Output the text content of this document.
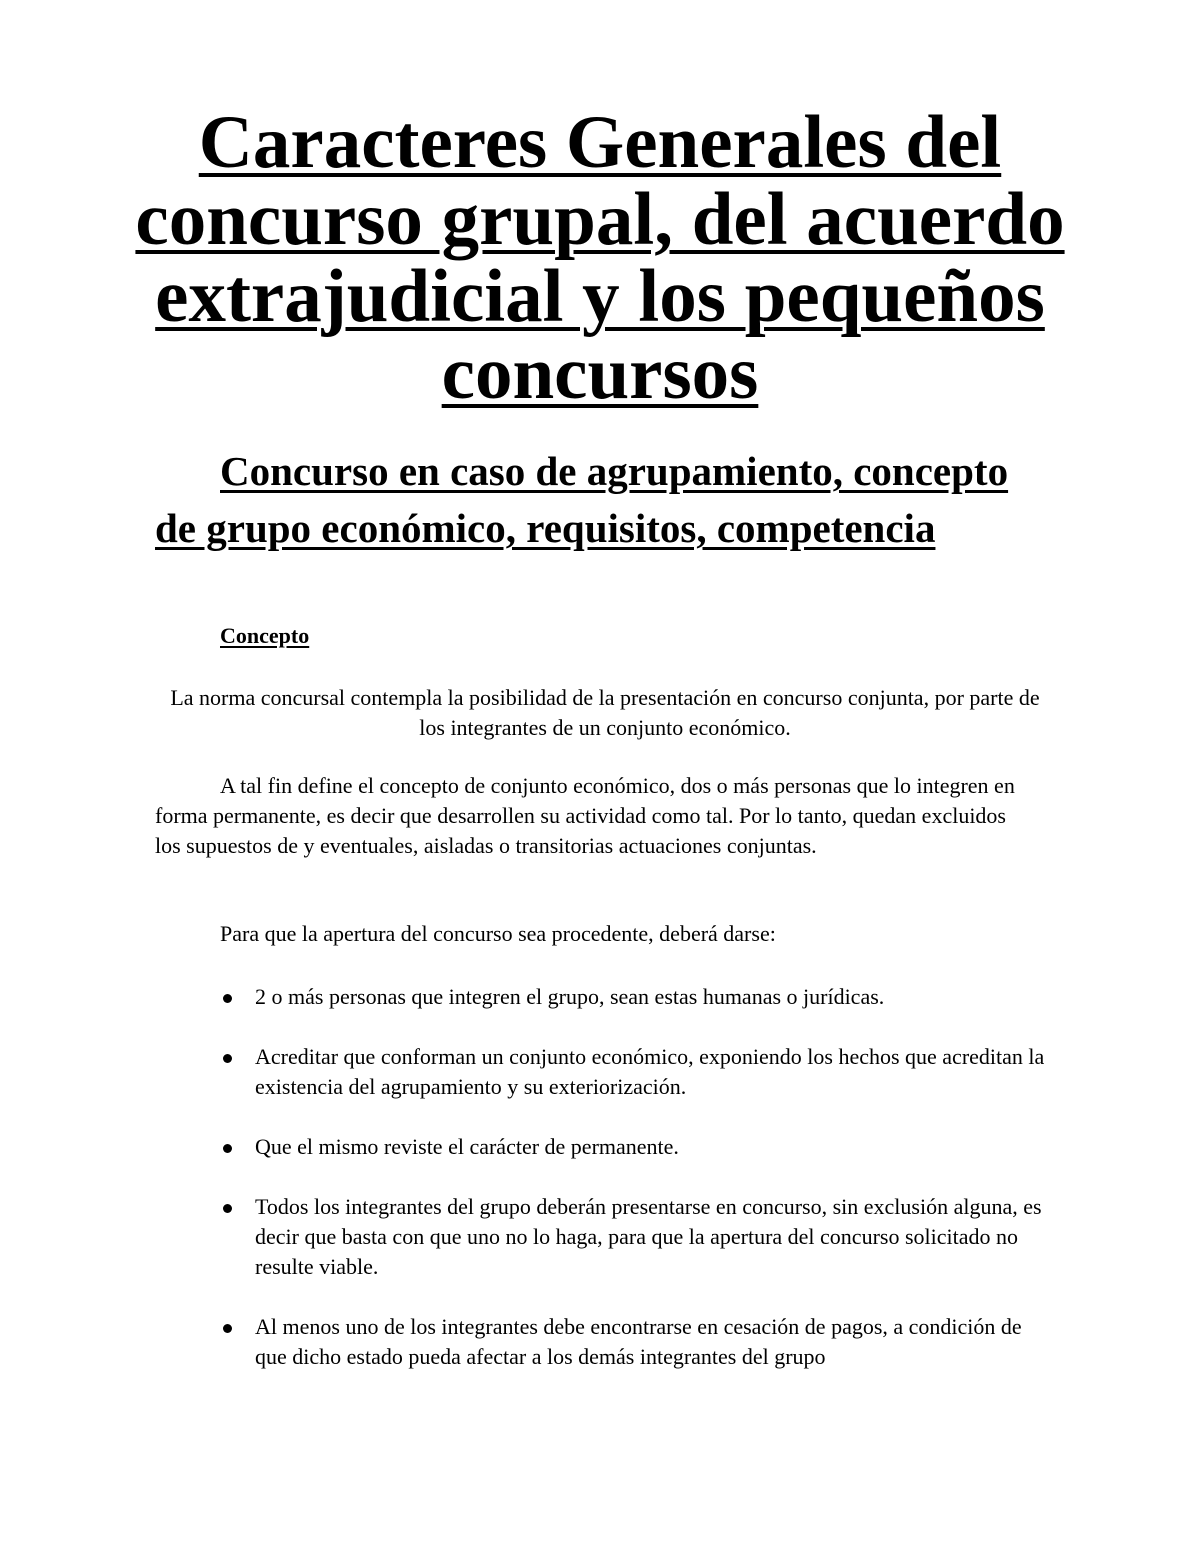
Caracteres Generales del concurso grupal, del acuerdo extrajudicial y los pequeños concursos
Concurso en caso de agrupamiento, concepto de grupo económico, requisitos, competencia
Concepto

La norma concursal contempla la posibilidad de la presentación en concurso conjunta, por parte de los integrantes de un conjunto económico.

A tal fin define el concepto de conjunto económico, dos o más personas que lo integren en forma permanente, es decir que desarrollen su actividad como tal. Por lo tanto, quedan excluidos los supuestos de y eventuales, aisladas o transitorias actuaciones conjuntas.

Para que la apertura del concurso sea procedente, deberá darse:

2 o más personas que integren el grupo, sean estas humanas o jurídicas.
Acreditar que conforman un conjunto económico, exponiendo los hechos que acreditan la existencia del agrupamiento y su exteriorización.
Que el mismo reviste el carácter de permanente.
Todos los integrantes del grupo deberán presentarse en concurso, sin exclusión alguna, es decir que basta con que uno no lo haga, para que la apertura del concurso solicitado no resulte viable.
Al menos uno de los integrantes debe encontrarse en cesación de pagos, a condición de que dicho estado pueda afectar a los demás integrantes del grupo
